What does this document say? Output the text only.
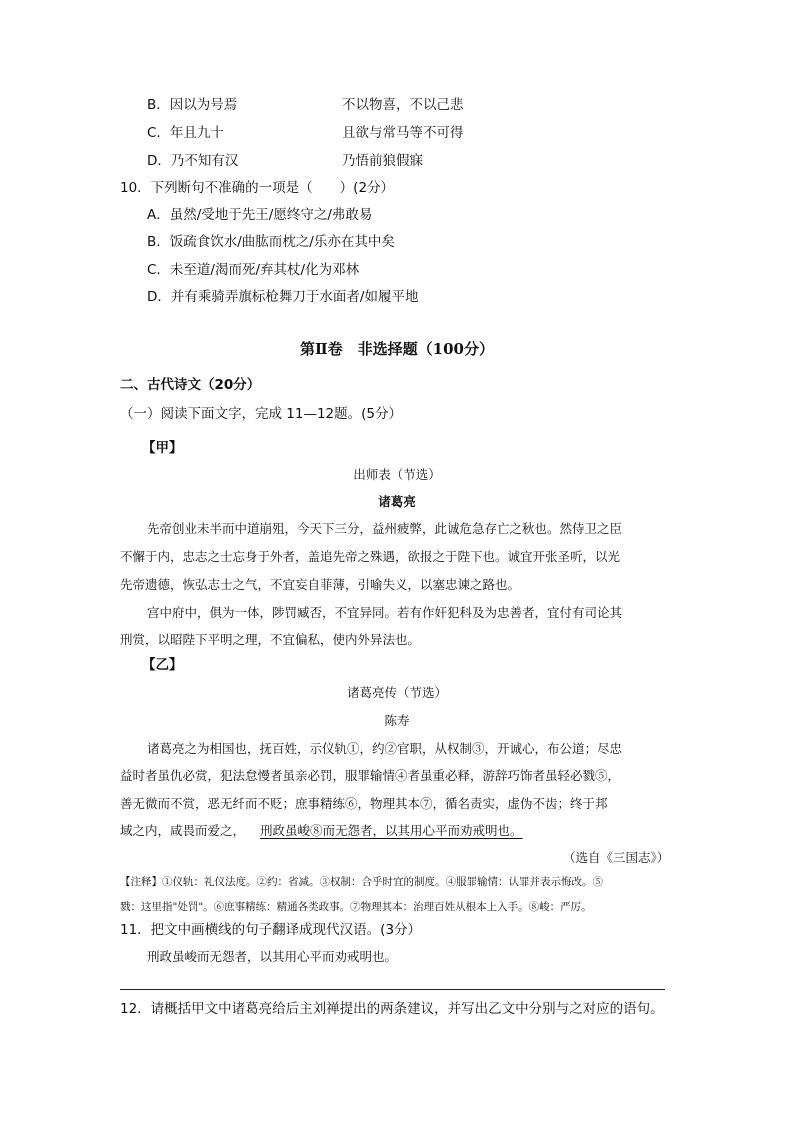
B．因以为号焉	不以物喜，不以己悲
C．年且九十	且欲与常马等不可得
D．乃不知有汉	乃悟前狼假寐
10．下列断句不准确的一项是（　　）(2分）
A．虽然/受地于先王/愿终守之/弗敢易
B．饭疏食饮水/曲肱而枕之/乐亦在其中矣
C．未至道/渴而死/弃其杖/化为邓林
D．并有乘骑弄旗标枪舞刀于水面者/如履平地
第Ⅱ卷　非选择题（100分）
二、古代诗文（20分）
（一）阅读下面文字，完成 11—12题。(5分）
【甲】
出师表（节选）
诸葛亮
先帝创业未半而中道崩殂，今天下三分，益州疲弊，此诚危急存亡之秋也。然侍卫之臣
不懈于内，忠志之士忘身于外者，盖追先帝之殊遇，欲报之于陛下也。诚宜开张圣听，以光
先帝遗德，恢弘志士之气，不宜妄自菲薄，引喻失义，以塞忠谏之路也。
宫中府中，俱为一体，陟罚臧否，不宜异同。若有作奸犯科及为忠善者，宜付有司论其
刑赏，以昭陛下平明之理，不宜偏私，使内外异法也。
【乙】
诸葛亮传（节选）
陈寿
诸葛亮之为相国也，抚百姓，示仪轨①，约②官职，从权制③，开诚心，布公道；尽忠
益时者虽仇必赏，犯法怠慢者虽亲必罚，服罪输情④者虽重必释，游辞巧饰者虽轻必戮⑤，
善无微而不赏，恶无纤而不贬；庶事精练⑥，物理其本⑦，循名责实，虚伪不齿；终于邦
域之内，咸畏而爱之， 刑政虽峻⑧而无怨者，以其用心平而劝戒明也。
（选自《三国志》）
【注释】①仪轨：礼仪法度。②约：省减。③权制：合乎时宜的制度。④服罪输情：认罪并表示悔改。⑤
戮：这里指"处罚"。⑥庶事精练：精通各类政事。⑦物理其本：治理百姓从根本上入手。⑧峻：严厉。
11．把文中画横线的句子翻译成现代汉语。(3分）
刑政虽峻而无怨者，以其用心平而劝戒明也。
12．请概括甲文中诸葛亮给后主刘禅提出的两条建议，并写出乙文中分别与之对应的语句。
